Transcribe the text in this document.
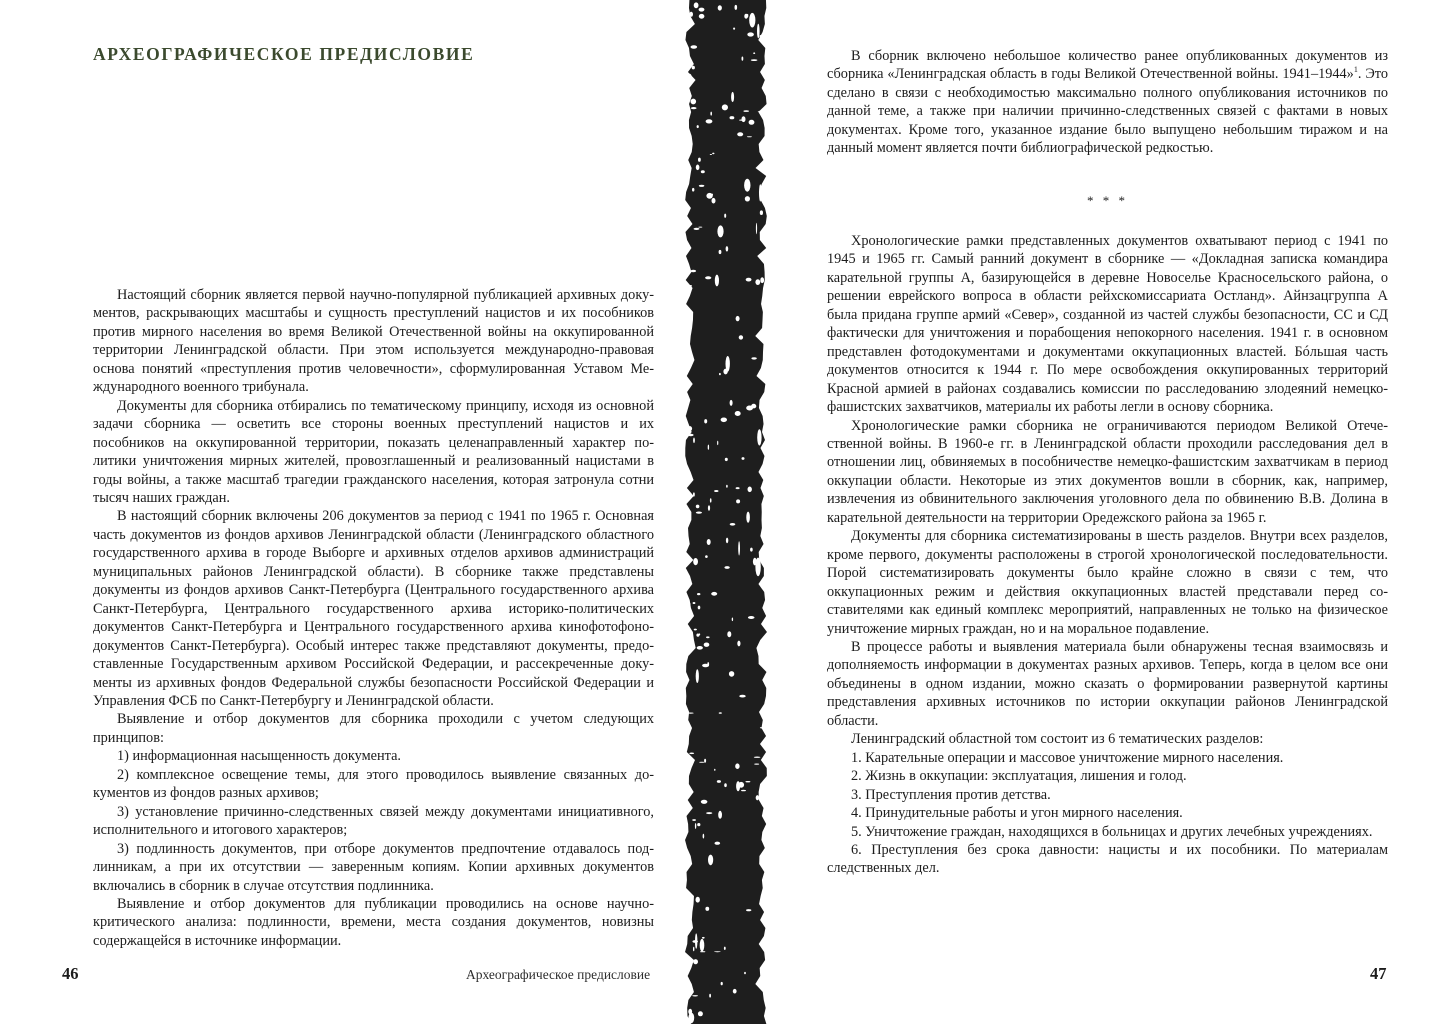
АРХЕОГРАФИЧЕСКОЕ ПРЕДИСЛОВИЕ

Настоящий сборник является первой научно-популярной публикацией архивных документов, раскрывающих масштабы и сущность преступлений нацистов и их пособников против мирного населения во время Великой Отечественной войны на оккупированной территории Ленинградской области. При этом используется международно-правовая основа понятий «преступления против человечности», сформулированная Уставом Международного военного трибунала.

Документы для сборника отбирались по тематическому принципу, исходя из основной задачи сборника — осветить все стороны военных преступлений нацистов и их пособников на оккупированной территории, показать целенаправленный характер политики уничтожения мирных жителей, провозглашенный и реализованный нацистами в годы войны, а также масштаб трагедии гражданского населения, которая затронула сотни тысяч наших граждан.

В настоящий сборник включены 206 документов за период с 1941 по 1965 г. Основная часть документов из фондов архивов Ленинградской области (Ленинградского областного государственного архива в городе Выборге и архивных отделов архивов администраций муниципальных районов Ленинградской области). В сборнике также представлены документы из фондов архивов Санкт-Петербурга (Центрального государственного архива Санкт-Петербурга, Центрального государственного архива историко-политических документов Санкт-Петербурга и Центрального государственного архива кинофотофонодокументов Санкт-Петербурга). Особый интерес также представляют документы, предоставленные Государственным архивом Российской Федерации, и рассекреченные документы из архивных фондов Федеральной службы безопасности Российской Федерации и Управления ФСБ по Санкт-Петербургу и Ленинградской области.

Выявление и отбор документов для сборника проходили с учетом следующих принципов:

1) информационная насыщенность документа.

2) комплексное освещение темы, для этого проводилось выявление связанных документов из фондов разных архивов;

3) установление причинно-следственных связей между документами инициативного, исполнительного и итогового характеров;

3) подлинность документов, при отборе документов предпочтение отдавалось подлинникам, а при их отсутствии — заверенным копиям. Копии архивных документов включались в сборник в случае отсутствия подлинника.

Выявление и отбор документов для публикации проводились на основе научно-критического анализа: подлинности, времени, места создания документов, новизны содержащейся в источнике информации.

46	Археографическое предисловие

В сборник включено небольшое количество ранее опубликованных документов из сборника «Ленинградская область в годы Великой Отечественной войны. 1941–1944»$^1$. Это сделано в связи с необходимостью максимально полного опубликования источников по данной теме, а также при наличии причинно-следственных связей с фактами в новых документах. Кроме того, указанное издание было выпущено небольшим тиражом и на данный момент является почти библиографической редкостью.

* * *

Хронологические рамки представленных документов охватывают период с 1941 по 1945 и 1965 гг. Самый ранний документ в сборнике — «Докладная записка командира карательной группы А, базирующейся в деревне Новоселье Красносельского района, о решении еврейского вопроса в области рейхскомиссариата Остланд». Айнзацгруппа А была придана группе армий «Север», созданной из частей службы безопасности, СС и СД фактически для уничтожения и порабощения непокорного населения. 1941 г. в основном представлен фотодокументами и документами оккупационных властей. Бóльшая часть документов относится к 1944 г. По мере освобождения оккупированных территорий Красной армией в районах создавались комиссии по расследованию злодеяний немецко-фашистских захватчиков, материалы их работы легли в основу сборника.

Хронологические рамки сборника не ограничиваются периодом Великой Отечественной войны. В 1960-е гг. в Ленинградской области проходили расследования дел в отношении лиц, обвиняемых в пособничестве немецко-фашистским захватчикам в период оккупации области. Некоторые из этих документов вошли в сборник, как, например, извлечения из обвинительного заключения уголовного дела по обвинению В.В. Долина в карательной деятельности на территории Оредежского района за 1965 г.

Документы для сборника систематизированы в шесть разделов. Внутри всех разделов, кроме первого, документы расположены в строгой хронологической последовательности. Порой систематизировать документы было крайне сложно в связи с тем, что оккупационных режим и действия оккупационных властей представали перед составителями как единый комплекс мероприятий, направленных не только на физическое уничтожение мирных граждан, но и на моральное подавление.

В процессе работы и выявления материала были обнаружены тесная взаимосвязь и дополняемость информации в документах разных архивов. Теперь, когда в целом все они объединены в одном издании, можно сказать о формировании развернутой картины представления архивных источников по истории оккупации районов Ленинградской области.

Ленинградский областной том состоит из 6 тематических разделов:

1. Карательные операции и массовое уничтожение мирного населения.

2. Жизнь в оккупации: эксплуатация, лишения и голод.

3. Преступления против детства.

4. Принудительные работы и угон мирного населения.

5. Уничтожение граждан, находящихся в больницах и других лечебных учреждениях.

6. Преступления без срока давности: нацисты и их пособники. По материалам следственных дел.

47
